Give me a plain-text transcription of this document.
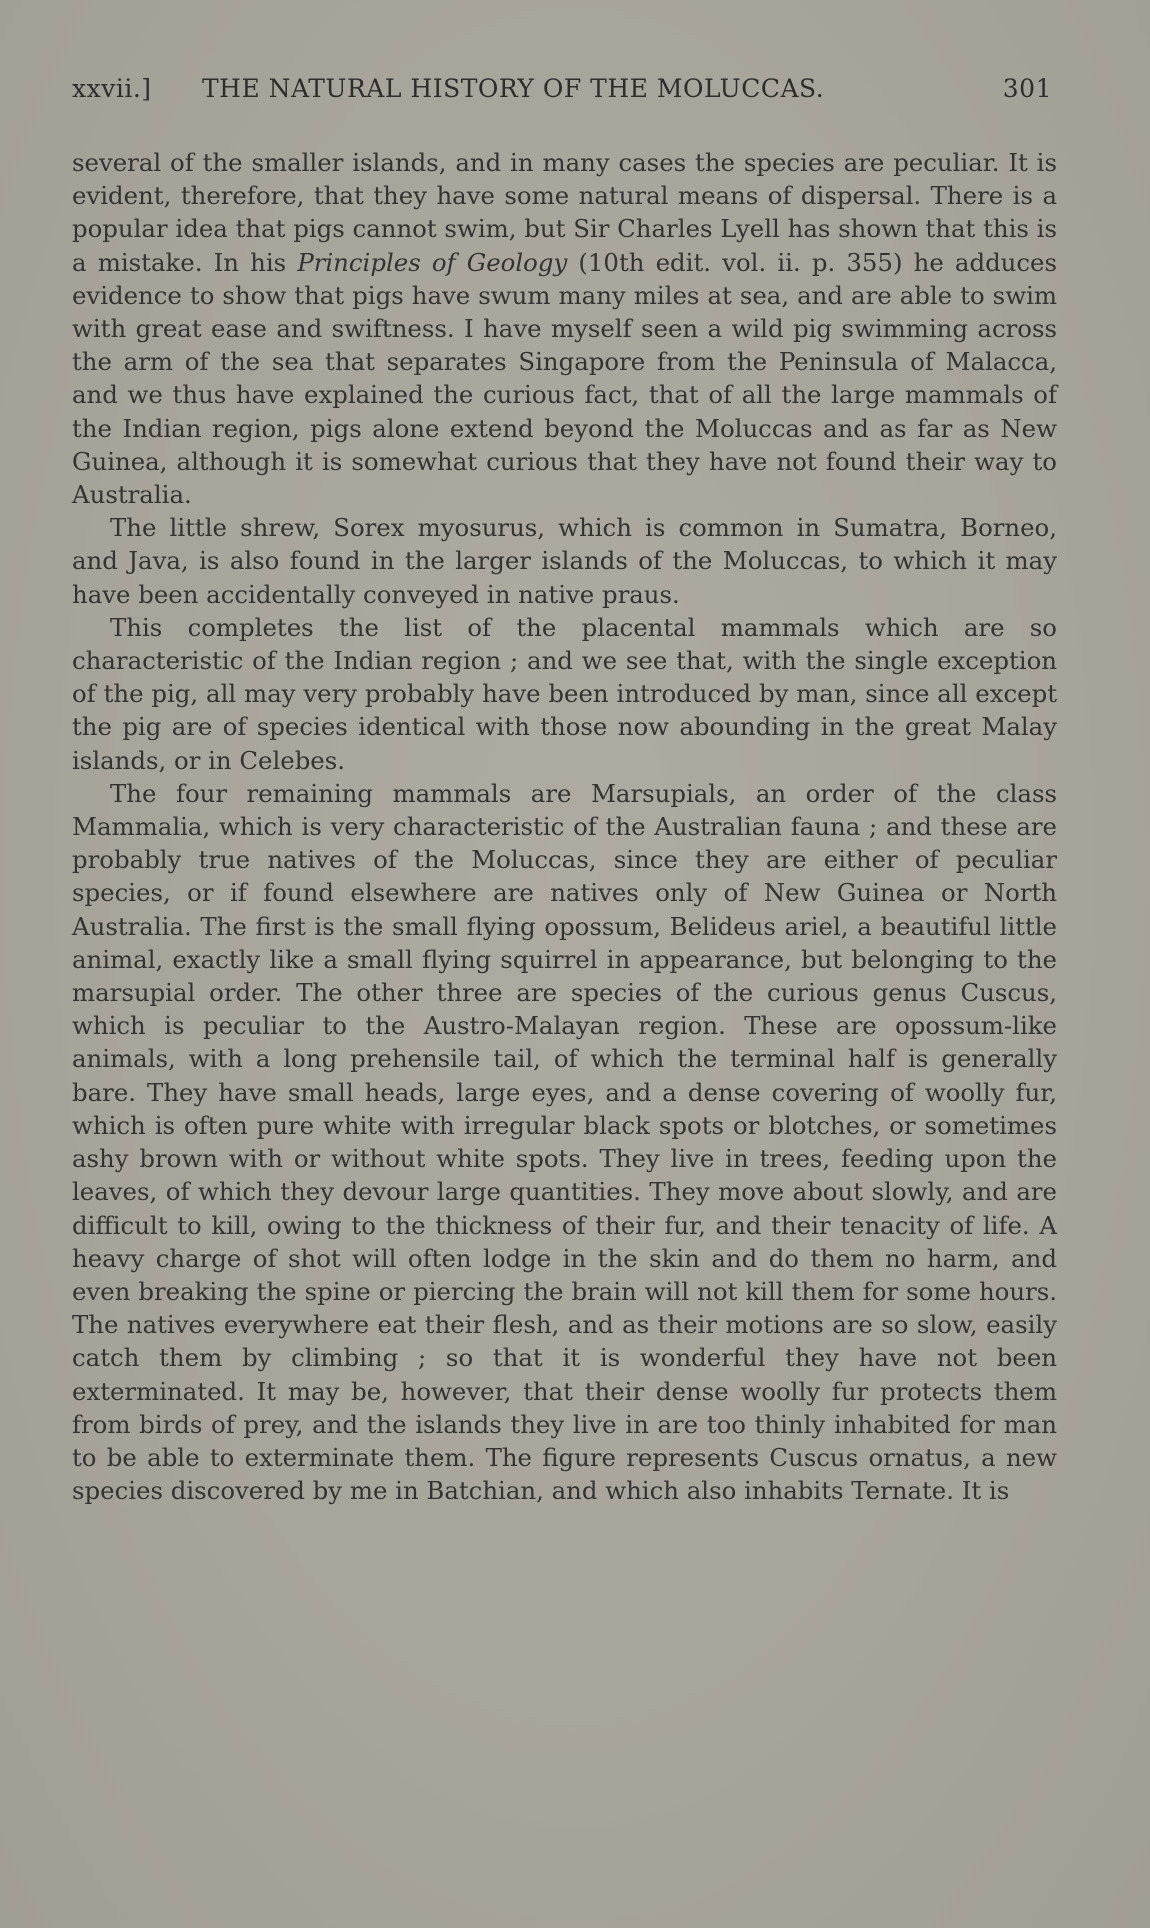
xxvii.] THE NATURAL HISTORY OF THE MOLUCCAS.	301

several of the smaller islands, and in many cases the species are peculiar. It is evident, therefore, that they have some natural means of dispersal. There is a popular idea that pigs cannot swim, but Sir Charles Lyell has shown that this is a mistake. In his Principles of Geology (10th edit. vol. ii. p. 355) he adduces evidence to show that pigs have swum many miles at sea, and are able to swim with great ease and swiftness. I have myself seen a wild pig swimming across the arm of the sea that separates Singapore from the Peninsula of Malacca, and we thus have explained the curious fact, that of all the large mammals of the Indian region, pigs alone extend beyond the Moluccas and as far as New Guinea, although it is somewhat curious that they have not found their way to Australia.

The little shrew, Sorex myosurus, which is common in Sumatra, Borneo, and Java, is also found in the larger islands of the Moluccas, to which it may have been accidentally conveyed in native praus.

This completes the list of the placental mammals which are so characteristic of the Indian region ; and we see that, with the single exception of the pig, all may very probably have been introduced by man, since all except the pig are of species identical with those now abounding in the great Malay islands, or in Celebes.

The four remaining mammals are Marsupials, an order of the class Mammalia, which is very characteristic of the Australian fauna ; and these are probably true natives of the Moluccas, since they are either of peculiar species, or if found elsewhere are natives only of New Guinea or North Australia. The first is the small flying opossum, Belideus ariel, a beautiful little animal, exactly like a small flying squirrel in appearance, but belonging to the marsupial order. The other three are species of the curious genus Cuscus, which is peculiar to the Austro-Malayan region. These are opossum-like animals, with a long prehensile tail, of which the terminal half is generally bare. They have small heads, large eyes, and a dense covering of woolly fur, which is often pure white with irregular black spots or blotches, or sometimes ashy brown with or without white spots. They live in trees, feeding upon the leaves, of which they devour large quantities. They move about slowly, and are difficult to kill, owing to the thickness of their fur, and their tenacity of life. A heavy charge of shot will often lodge in the skin and do them no harm, and even breaking the spine or piercing the brain will not kill them for some hours. The natives everywhere eat their flesh, and as their motions are so slow, easily catch them by climbing ; so that it is wonderful they have not been exterminated. It may be, however, that their dense woolly fur protects them from birds of prey, and the islands they live in are too thinly inhabited for man to be able to exterminate them. The figure represents Cuscus ornatus, a new species discovered by me in Batchian, and which also inhabits Ternate. It is
